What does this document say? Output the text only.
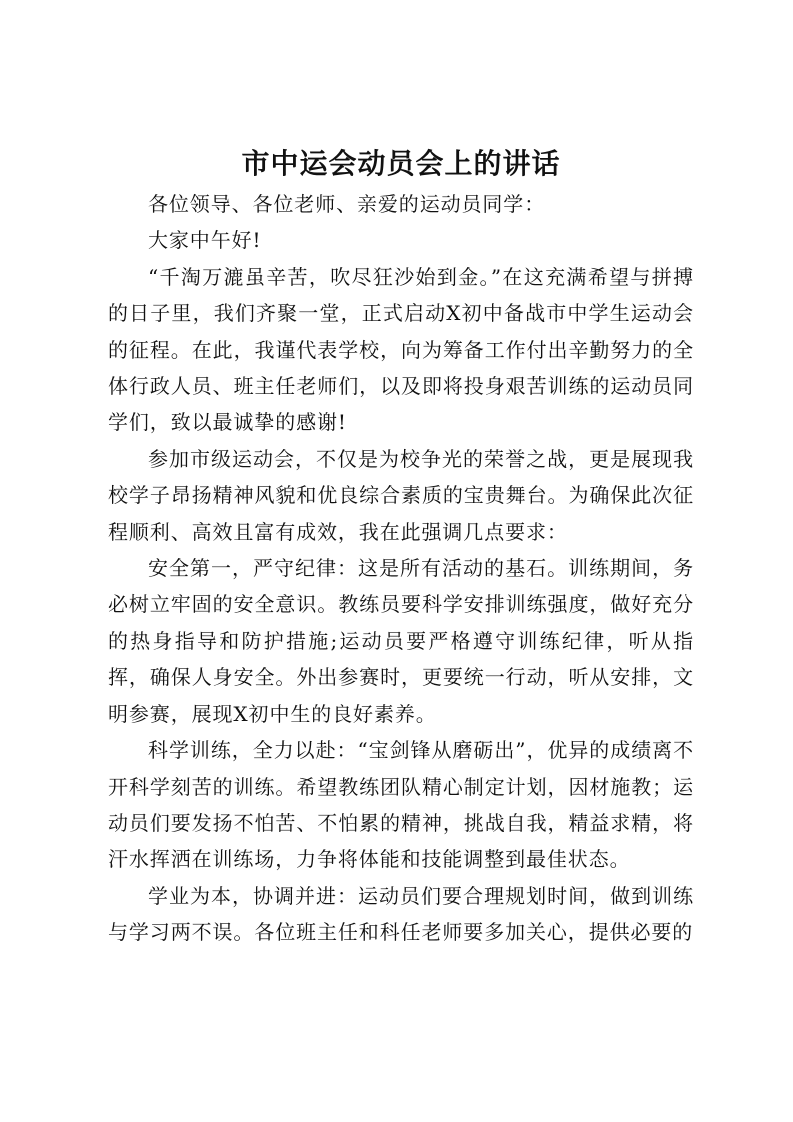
市中运会动员会上的讲话

各位领导、各位老师、亲爱的运动员同学：

大家中午好!

“千淘万漉虽辛苦，吹尽狂沙始到金。”在这充满希望与拼搏的日子里，我们齐聚一堂，正式启动X初中备战市中学生运动会的征程。在此，我谨代表学校，向为筹备工作付出辛勤努力的全体行政人员、班主任老师们，以及即将投身艰苦训练的运动员同学们，致以最诚挚的感谢!

参加市级运动会，不仅是为校争光的荣誉之战，更是展现我校学子昂扬精神风貌和优良综合素质的宝贵舞台。为确保此次征程顺利、高效且富有成效，我在此强调几点要求：

安全第一，严守纪律：这是所有活动的基石。训练期间，务必树立牢固的安全意识。教练员要科学安排训练强度，做好充分的热身指导和防护措施;运动员要严格遵守训练纪律，听从指挥，确保人身安全。外出参赛时，更要统一行动，听从安排，文明参赛，展现X初中生的良好素养。

科学训练，全力以赴：“宝剑锋从磨砺出”，优异的成绩离不开科学刻苦的训练。希望教练团队精心制定计划，因材施教；运动员们要发扬不怕苦、不怕累的精神，挑战自我，精益求精，将汗水挥洒在训练场，力争将体能和技能调整到最佳状态。

学业为本，协调并进：运动员们要合理规划时间，做到训练与学习两不误。各位班主任和科任老师要多加关心，提供必要的
